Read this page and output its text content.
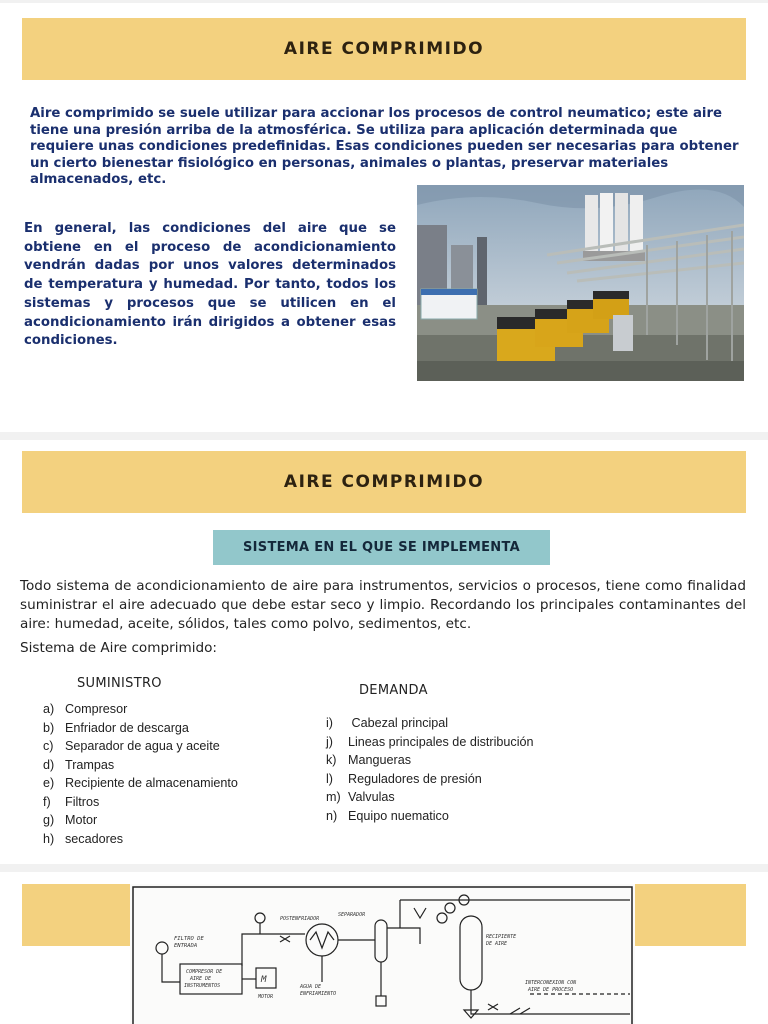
AIRE COMPRIMIDO

Aire comprimido se suele utilizar para accionar los procesos de control neumatico; este aire tiene una presión arriba de la atmosférica. Se utiliza para aplicación determinada que requiere unas condiciones predefinidas. Esas condiciones pueden ser necesarias para obtener un cierto bienestar fisiológico en personas, animales o plantas, preservar materiales almacenados, etc.

En general, las condiciones del aire que se obtiene en el proceso de acondicionamiento vendrán dadas por unos valores determinados de temperatura y humedad. Por tanto, todos los sistemas y procesos que se utilicen en el acondicionamiento irán dirigidos a obtener esas condiciones.

AIRE COMPRIMIDO
SISTEMA EN EL QUE SE IMPLEMENTA

Todo sistema de acondicionamiento de aire para instrumentos, servicios o procesos, tiene como finalidad suministrar el aire adecuado que debe estar seco y limpio. Recordando los principales contaminantes del aire: humedad, aceite, sólidos, tales como polvo, sedimentos, etc.

Sistema de Aire comprimido:

SUMINISTRO	DEMANDA

a) Compresor
b) Enfriador de descarga
c) Separador de agua y aceite
d) Trampas
e) Recipiente de almacenamiento
f)	Filtros
g) Motor
h) secadores
i)	Cabezal principal
j)	Lineas principales de distribución
k) Mangueras
l)	Reguladores de presión
m) Valvulas
n) Equipo nuematico
FILTRO DE
ENTRADA
COMPRESOR DE
AIRE DE
INSTRUMENTOS
M
MOTOR
POSTENFRIADOR
SEPARADOR
AGUA DE
ENFRIAMIENTO
RECIPIENTE
DE AIRE
INTERCONEXION CON
AIRE DE PROCESO
